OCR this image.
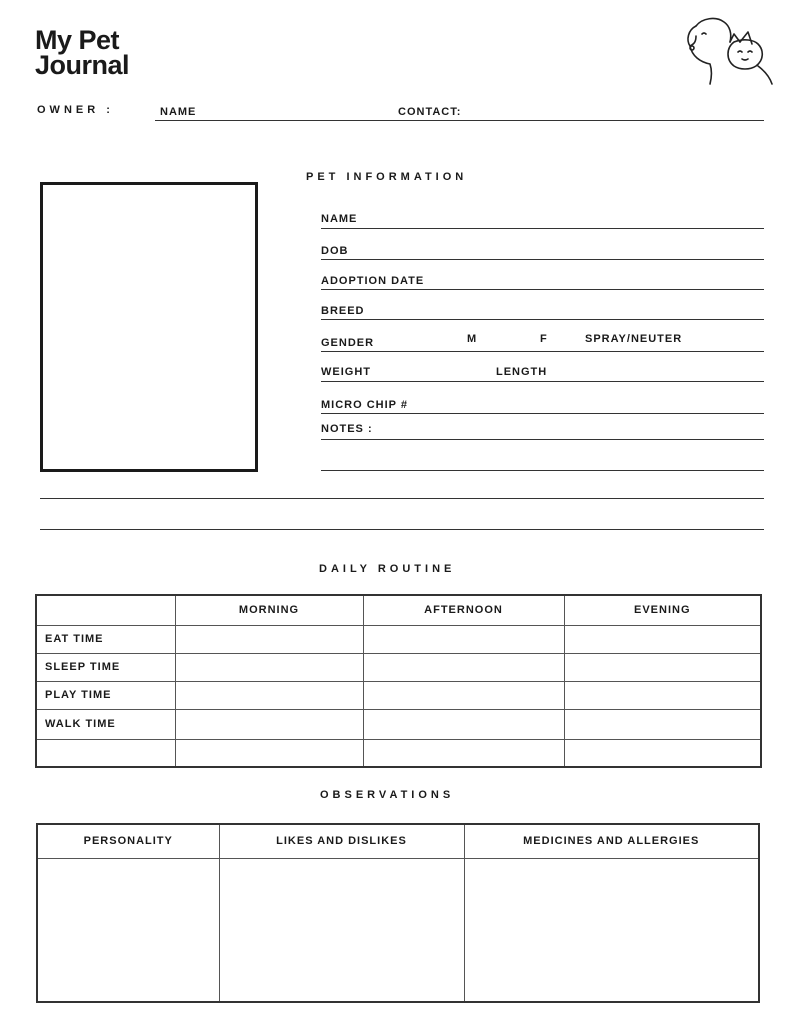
My Pet
Journal
OWNER :	NAME	CONTACT:
PET INFORMATION
NAME
DOB
ADOPTION DATE
BREED
GENDER	M	F	SPRAY/NEUTER
WEIGHT	LENGTH
MICRO CHIP #
NOTES :
DAILY ROUTINE
	MORNING	AFTERNOON	EVENING
EAT TIME			
SLEEP TIME			
PLAY TIME			
WALK TIME			

OBSERVATIONS
PERSONALITY	LIKES AND DISLIKES	MEDICINES AND ALLERGIES
